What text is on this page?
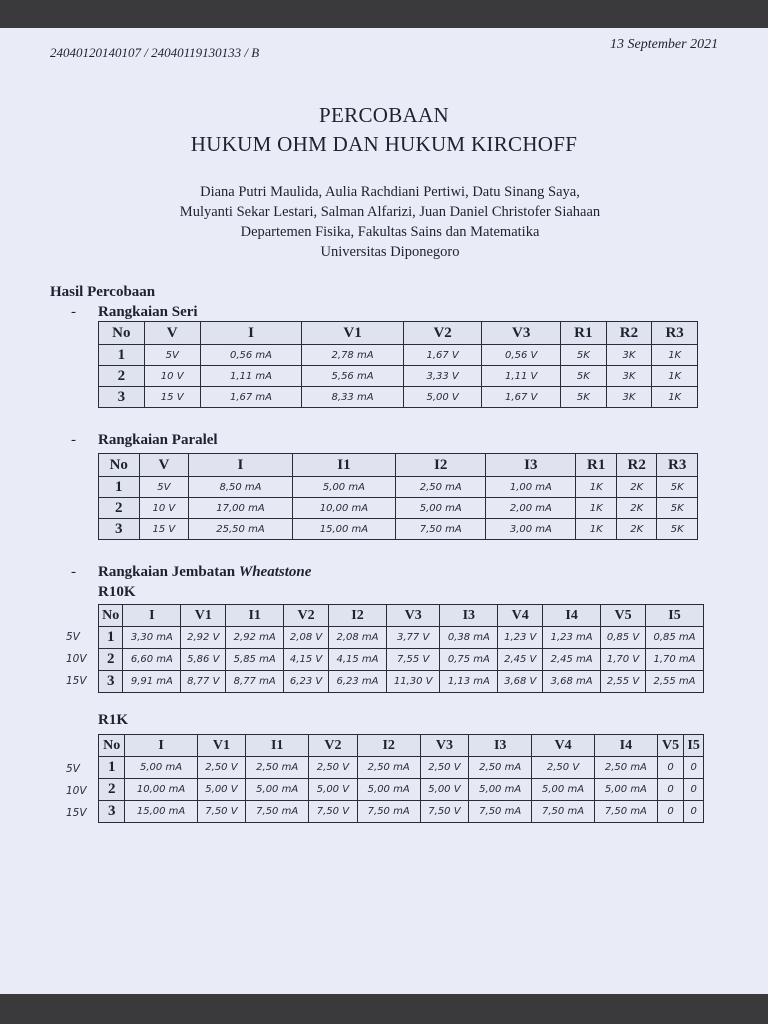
24040120140107 / 24040119130133 / B
13 September 2021
PERCOBAAN
HUKUM OHM DAN HUKUM KIRCHOFF
Diana Putri Maulida, Aulia Rachdiani Pertiwi, Datu Sinang Saya,
Mulyanti Sekar Lestari, Salman Alfarizi, Juan Daniel Christofer Siahaan
Departemen Fisika, Fakultas Sains dan Matematika
Universitas Diponegoro
Hasil Percobaan
- Rangkaian Seri
No	V	I	V1	V2	V3	R1	R2	R3
1	5V	0,56 mA	2,78 mA	1,67 V	0,56 V	5K	3K	1K
2	10 V	1,11 mA	5,56 mA	3,33 V	1,11 V	5K	3K	1K
3	15 V	1,67 mA	8,33 mA	5,00 V	1,67 V	5K	3K	1K
- Rangkaian Paralel
No	V	I	I1	I2	I3	R1	R2	R3
1	5V	8,50 mA	5,00 mA	2,50 mA	1,00 mA	1K	2K	5K
2	10 V	17,00 mA	10,00 mA	5,00 mA	2,00 mA	1K	2K	5K
3	15 V	25,50 mA	15,00 mA	7,50 mA	3,00 mA	1K	2K	5K
- Rangkaian Jembatan Wheatstone
R10K
5V
10V
15V
No	I	V1	I1	V2	I2	V3	I3	V4	I4	V5	I5
1	3,30 mA	2,92 V	2,92 mA	2,08 V	2,08 mA	3,77 V	0,38 mA	1,23 V	1,23 mA	0,85 V	0,85 mA
2	6,60 mA	5,86 V	5,85 mA	4,15 V	4,15 mA	7,55 V	0,75 mA	2,45 V	2,45 mA	1,70 V	1,70 mA
3	9,91 mA	8,77 V	8,77 mA	6,23 V	6,23 mA	11,30 V	1,13 mA	3,68 V	3,68 mA	2,55 V	2,55 mA
R1K
5V
10V
15V
No	I	V1	I1	V2	I2	V3	I3	V4	I4	V5	I5
1	5,00 mA	2,50 V	2,50 mA	2,50 V	2,50 mA	2,50 V	2,50 mA	2,50 V	2,50 mA	0	0
2	10,00 mA	5,00 V	5,00 mA	5,00 V	5,00 mA	5,00 V	5,00 mA	5,00 mA	5,00 mA	0	0
3	15,00 mA	7,50 V	7,50 mA	7,50 V	7,50 mA	7,50 V	7,50 mA	7,50 mA	7,50 mA	0	0
